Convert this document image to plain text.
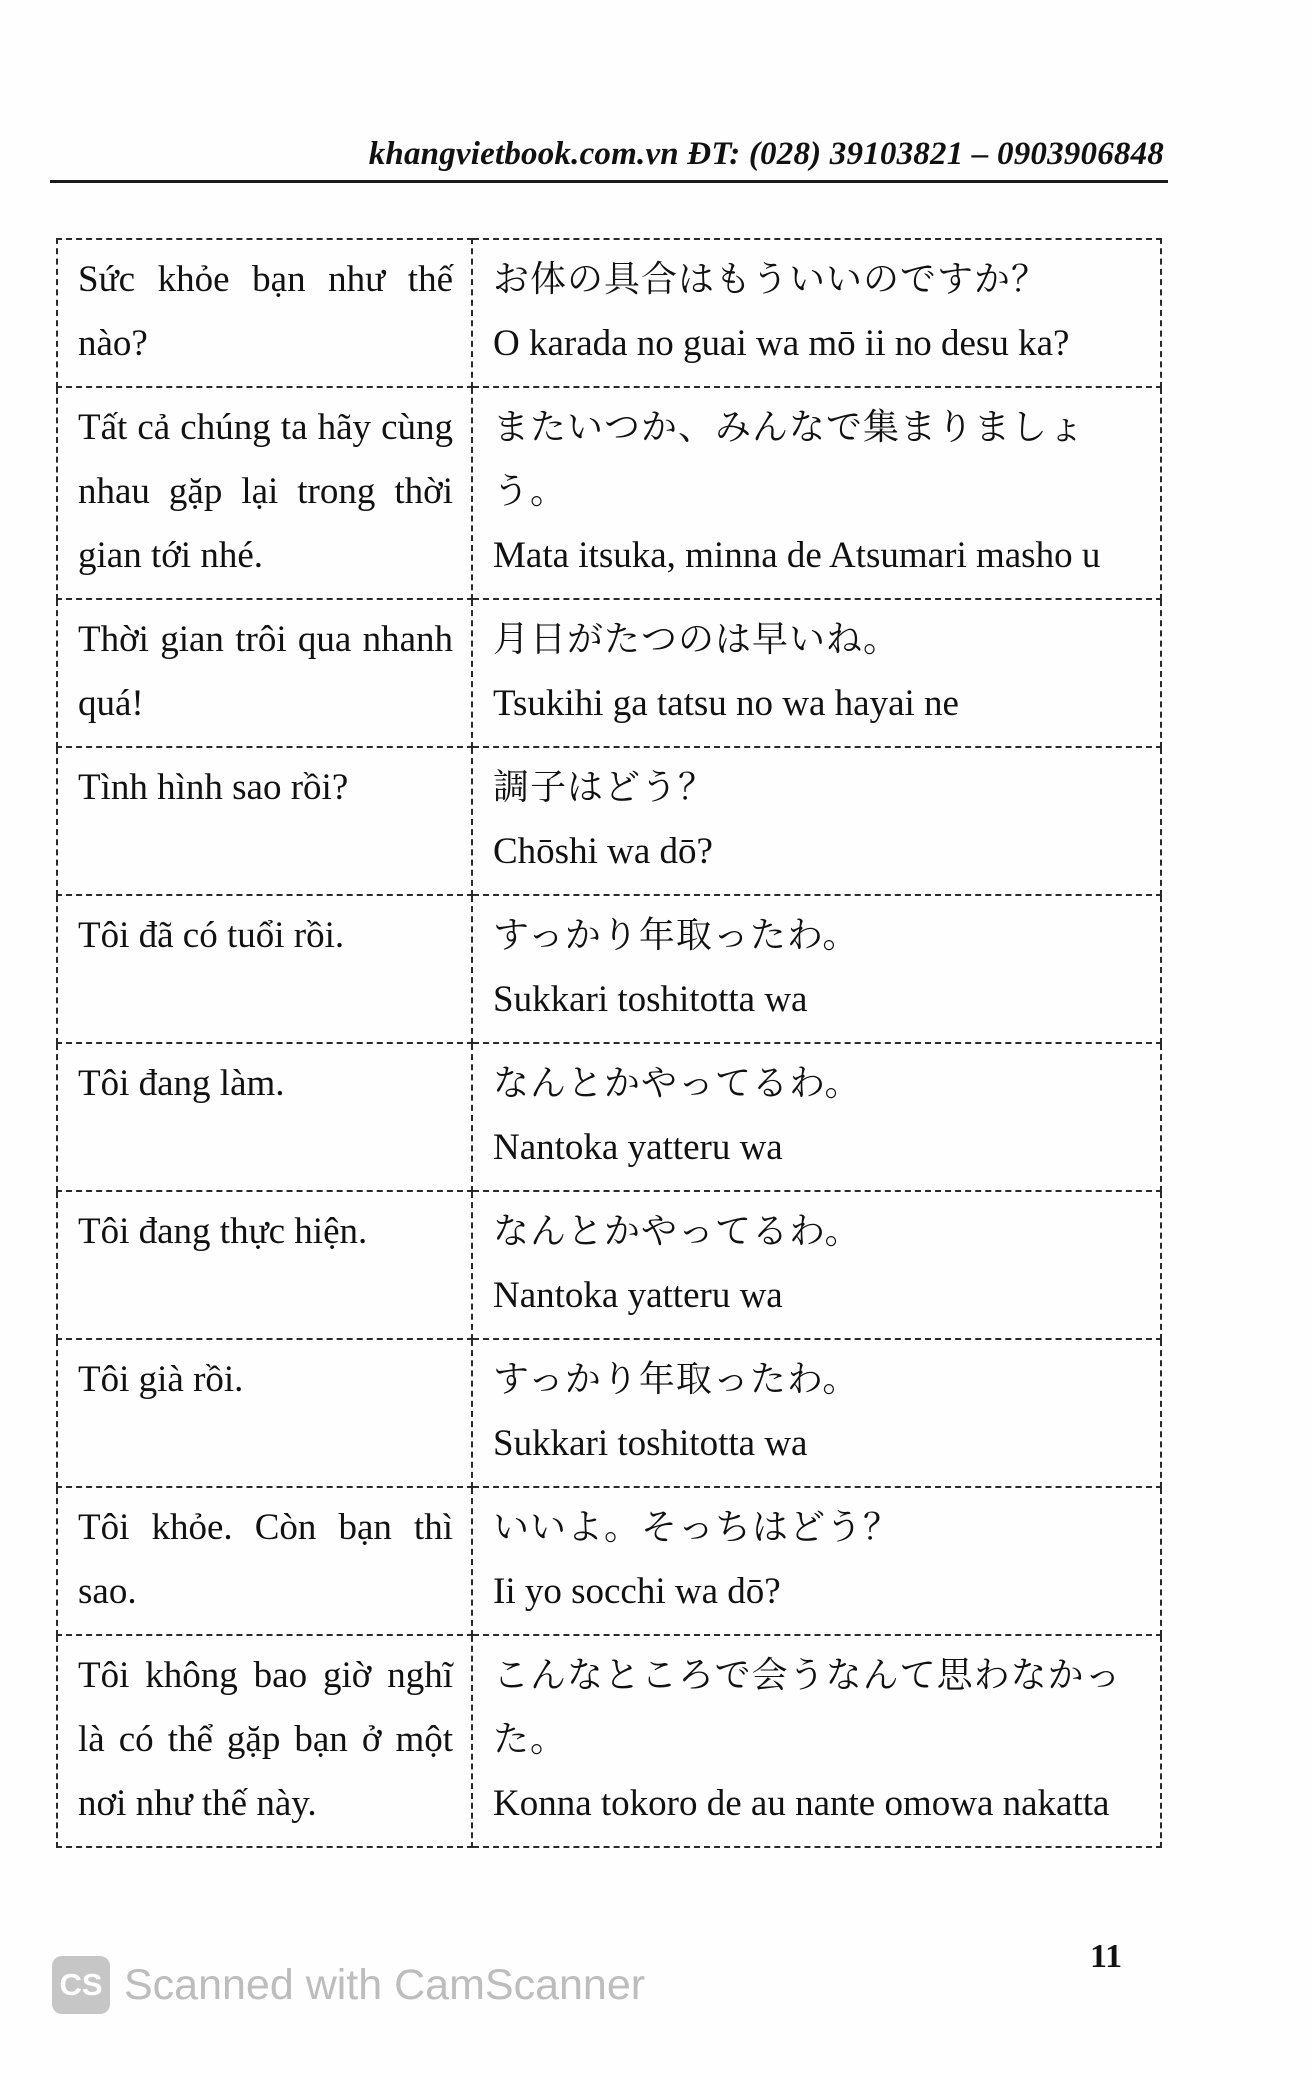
khangvietbook.com.vn ĐT: (028) 39103821 – 0903906848
Sức khỏe bạn như thế nào?	お体の具合はもういいのですか？
O karada no guai wa mō ii no desu ka?

Tất cả chúng ta hãy cùng nhau gặp lại trong thời gian tới nhé.	またいつか、みんなで集まりましょう。
Mata itsuka, minna de Atsumari masho u

Thời gian trôi qua nhanh quá!	月日がたつのは早いね。
Tsukihi ga tatsu no wa hayai ne

Tình hình sao rồi?	調子はどう？
Chōshi wa dō?

Tôi đã có tuổi rồi.	すっかり年取ったわ。
Sukkari toshitotta wa

Tôi đang làm.	なんとかやってるわ。
Nantoka yatteru wa

Tôi đang thực hiện.	なんとかやってるわ。
Nantoka yatteru wa

Tôi già rồi.	すっかり年取ったわ。
Sukkari toshitotta wa

Tôi khỏe. Còn bạn thì sao.	いいよ。そっちはどう？
Ii yo socchi wa dō?

Tôi không bao giờ nghĩ là có thể gặp bạn ở một nơi như thế này.	こんなところで会うなんて思わなかった。
Konna tokoro de au nante omowa nakatta
11
CS Scanned with CamScanner
